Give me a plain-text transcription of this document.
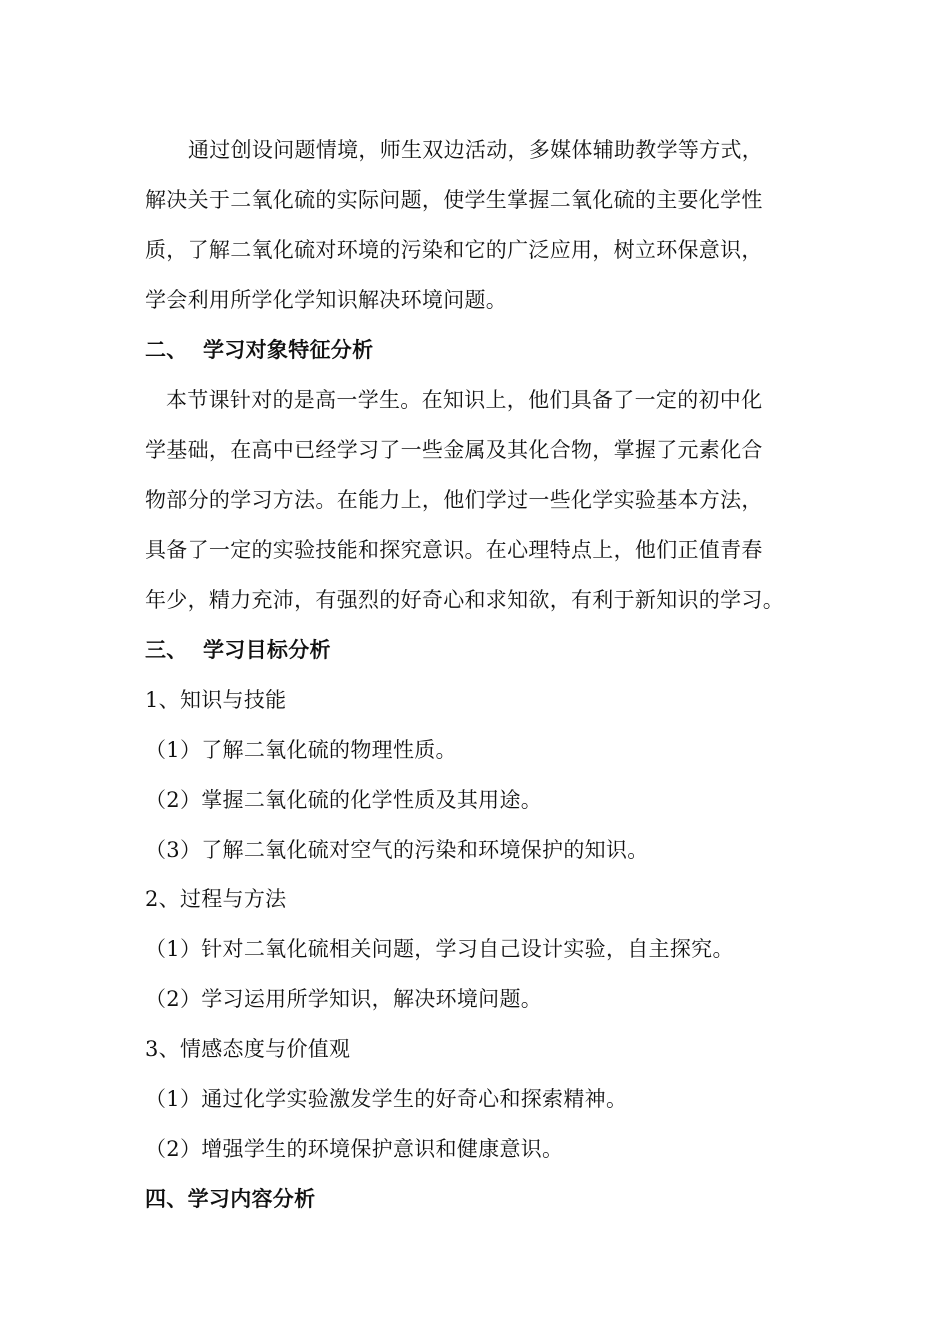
通过创设问题情境，师生双边活动，多媒体辅助教学等方式，
解决关于二氧化硫的实际问题，使学生掌握二氧化硫的主要化学性
质，了解二氧化硫对环境的污染和它的广泛应用，树立环保意识，
学会利用所学化学知识解决环境问题。
二、 学习对象特征分析
本节课针对的是高一学生。在知识上，他们具备了一定的初中化
学基础，在高中已经学习了一些金属及其化合物，掌握了元素化合
物部分的学习方法。在能力上，他们学过一些化学实验基本方法，
具备了一定的实验技能和探究意识。在心理特点上，他们正值青春
年少，精力充沛，有强烈的好奇心和求知欲，有利于新知识的学习。
三、 学习目标分析
1、知识与技能
（1）了解二氧化硫的物理性质。
（2）掌握二氧化硫的化学性质及其用途。
（3）了解二氧化硫对空气的污染和环境保护的知识。
2、过程与方法
（1）针对二氧化硫相关问题，学习自己设计实验，自主探究。
（2）学习运用所学知识，解决环境问题。
3、情感态度与价值观
（1）通过化学实验激发学生的好奇心和探索精神。
（2）增强学生的环境保护意识和健康意识。
四、学习内容分析
